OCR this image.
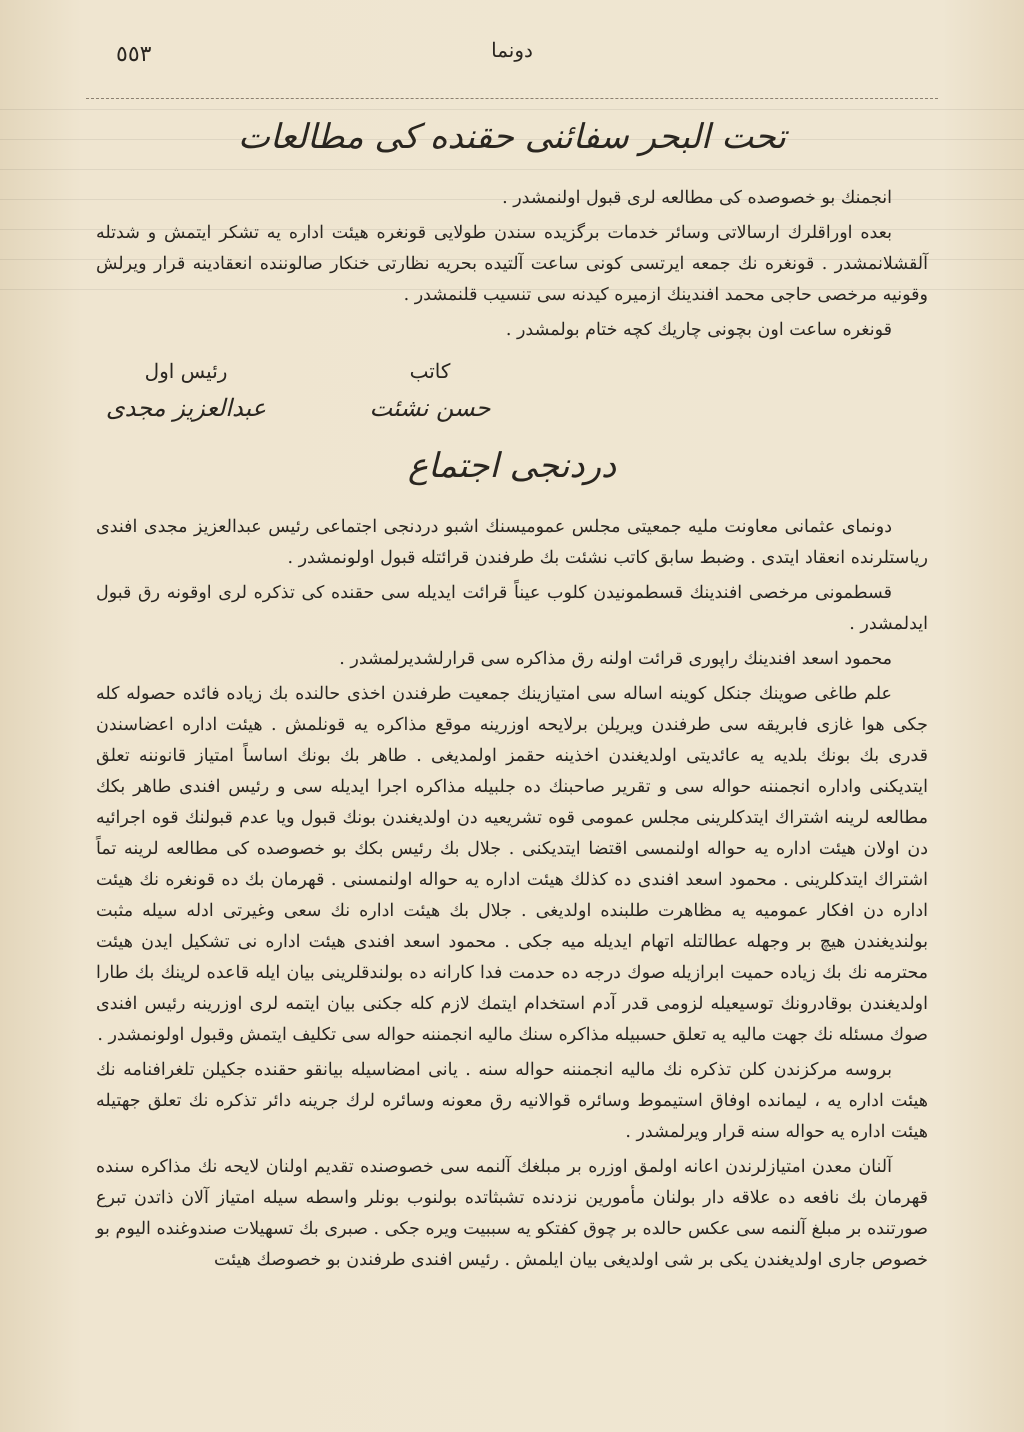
٥٥٣	دونما
تحت البحر سفائنی حقنده کی مطالعات

انجمنك بو خصوصده کی مطالعه لری قبول اولنمشدر .

بعده اوراقلرك ارسالاتی وسائر خدمات برگزیده سندن طولایی قونغره هیئت اداره یه تشکر ایتمش و شدتله آلقشلانمشدر . قونغره نك جمعه ایرتسی کونی ساعت آلتیده بحریه نظارتی خنکار صالوننده انعقادینه قرار ویرلش وقونیه مرخصی حاجی محمد افندینك ازمیره کیدنه سی تنسیب قلنمشدر .

قونغره ساعت اون بچونی چاریك کچه ختام بولمشدر .

کاتب
حسن نشئت
رئیس اول
عبدالعزیز مجدی
دردنجی اجتماع

دونمای عثمانی معاونت ملیه جمعیتی مجلس عمومیسنك اشبو دردنجی اجتماعی رئیس عبدالعزیز مجدی افندی ریاستلرنده انعقاد ایتدی . وضبط سابق کاتب نشئت بك طرفندن قرائتله قبول اولونمشدر .

قسطمونی مرخصی افندینك قسطمونیدن کلوب عیناً قرائت ایدیله سی حقنده کی تذکره لری اوقونه رق قبول ایدلمشدر .

محمود اسعد افندینك راپوری قرائت اولنه رق مذاکره سی قرارلشدیرلمشدر .

علم طاغی صوینك جنکل کوینه اساله سی امتیازینك جمعیت طرفندن اخذی حالنده بك زیاده فائده حصوله کله جکی هوا غازی فابریقه سی طرفندن ویریلن برلایحه اوزرینه موقع مذاکره یه قونلمش . هیئت اداره اعضاسندن قدری بك بونك بلدیه یه عائدیتی اولدیغندن اخذینه حقمز اولمدیغی . طاهر بك بونك اساساً امتیاز قانوننه تعلق ایتدیکنی واداره انجمننه حواله سی و تقریر صاحبنك ده جلبیله مذاکره اجرا ایدیله سی و رئیس افندی طاهر بکك مطالعه لرینه اشتراك ایتدکلرینی مجلس عمومی قوه تشریعیه دن اولدیغندن بونك قبول ویا عدم قبولنك قوه اجرائیه دن اولان هیئت اداره یه حواله اولنمسی اقتضا ایتدیکنی . جلال بك رئیس بکك بو خصوصده کی مطالعه لرینه تماً اشتراك ایتدکلرینی . محمود اسعد افندی ده کذلك هیئت اداره یه حواله اولنمسنی . قهرمان بك ده قونغره نك هیئت اداره دن افکار عمومیه یه مظاهرت طلبنده اولدیغی . جلال بك هیئت اداره نك سعی وغیرتی ادله سیله مثبت بولندیغندن هیچ بر وجهله عطالتله اتهام ایدیله میه جکی . محمود اسعد افندی هیئت اداره نی تشکیل ایدن هیئت محترمه نك بك زیاده حمیت ابرازیله صوك درجه ده حدمت فدا کارانه ده بولندقلرینی بیان ایله قاعده لرینك بك طارا اولدیغندن بوقادرونك توسیعیله لزومی قدر آدم استخدام ایتمك لازم کله جکنی بیان ایتمه لری اوزرینه رئیس افندی صوك مسئله نك جهت مالیه یه تعلق حسبیله مذاکره سنك مالیه انجمننه حواله سی تکلیف ایتمش وقبول اولونمشدر .

بروسه مرکزندن کلن تذکره نك مالیه انجمننه حواله سنه . یانی امضاسیله بیانقو حقنده جکیلن تلغرافنامه نك هیئت اداره یه ، لیمانده اوفاق استیموط وسائره قوالانیه رق معونه وسائره لرك جرینه دائر تذکره نك تعلق جهتیله هیئت اداره یه حواله سنه قرار ویرلمشدر .

آلنان معدن امتیازلرندن اعانه اولمق اوزره بر مبلغك آلنمه سی خصوصنده تقدیم اولنان لایحه نك مذاکره سنده قهرمان بك نافعه ده علاقه دار بولنان مأمورین نزدنده تشبثاتده بولنوب بونلر واسطه سیله امتیاز آلان ذاتدن تبرع صورتنده بر مبلغ آلنمه سی عکس حالده بر چوق کفتکو یه سببیت ویره جکی . صبری بك تسهیلات صندوغنده الیوم بو خصوص جاری اولدیغندن یکی بر شی اولدیغی بیان ایلمش . رئیس افندی طرفندن بو خصوصك هیئت
